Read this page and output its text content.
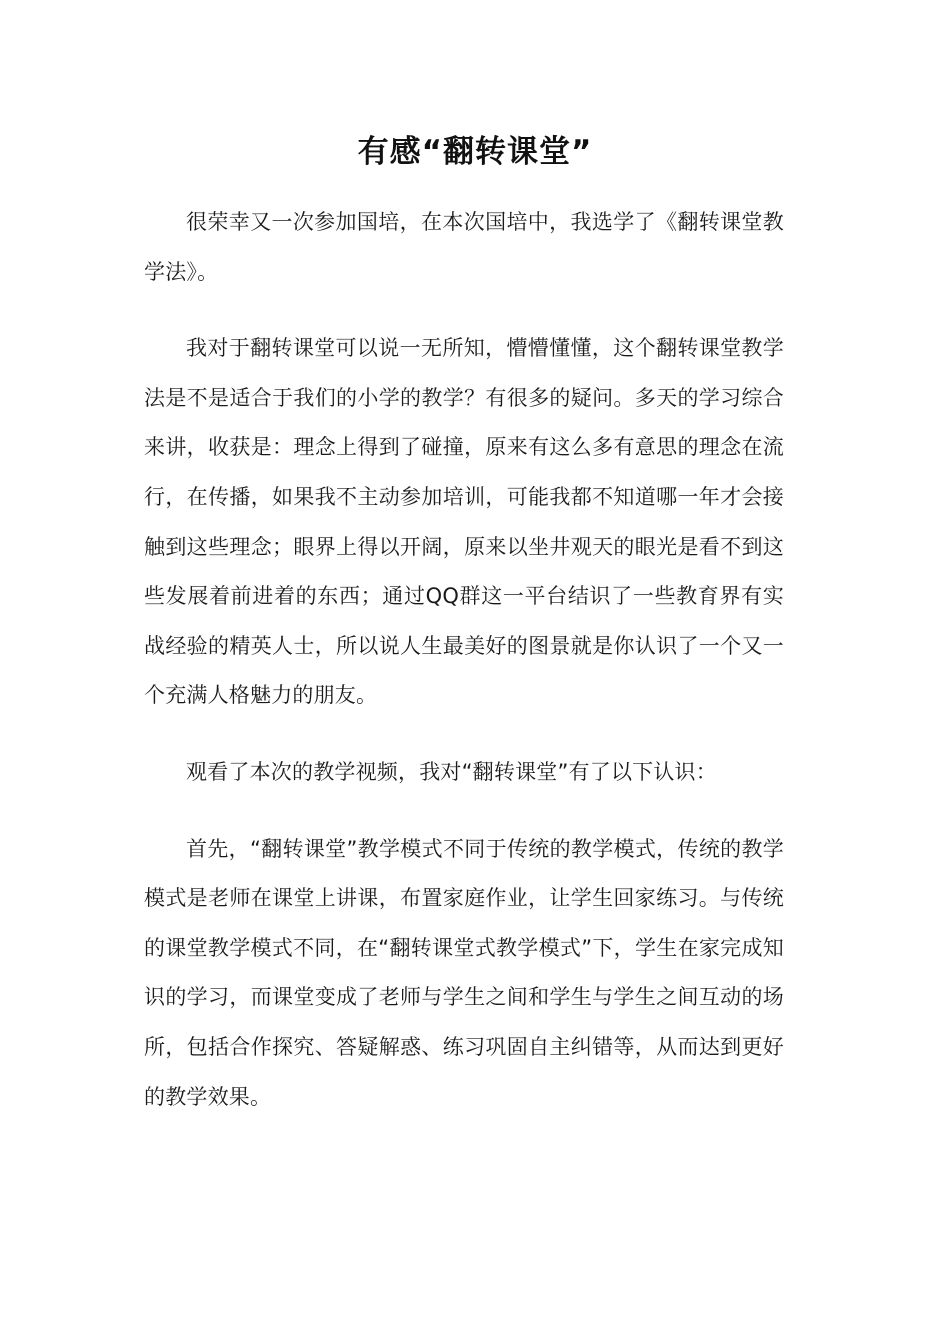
有感“翻转课堂”

很荣幸又一次参加国培，在本次国培中，我选学了《翻转课堂教学法》。

我对于翻转课堂可以说一无所知，懵懵懂懂，这个翻转课堂教学法是不是适合于我们的小学的教学？有很多的疑问。多天的学习综合来讲，收获是：理念上得到了碰撞，原来有这么多有意思的理念在流行，在传播，如果我不主动参加培训，可能我都不知道哪一年才会接触到这些理念；眼界上得以开阔，原来以坐井观天的眼光是看不到这些发展着前进着的东西；通过QQ群这一平台结识了一些教育界有实战经验的精英人士，所以说人生最美好的图景就是你认识了一个又一个充满人格魅力的朋友。

观看了本次的教学视频，我对“翻转课堂”有了以下认识：

首先，“翻转课堂”教学模式不同于传统的教学模式，传统的教学模式是老师在课堂上讲课，布置家庭作业，让学生回家练习。与传统的课堂教学模式不同，在“翻转课堂式教学模式”下，学生在家完成知识的学习，而课堂变成了老师与学生之间和学生与学生之间互动的场所，包括合作探究、答疑解惑、练习巩固自主纠错等，从而达到更好的教学效果。
